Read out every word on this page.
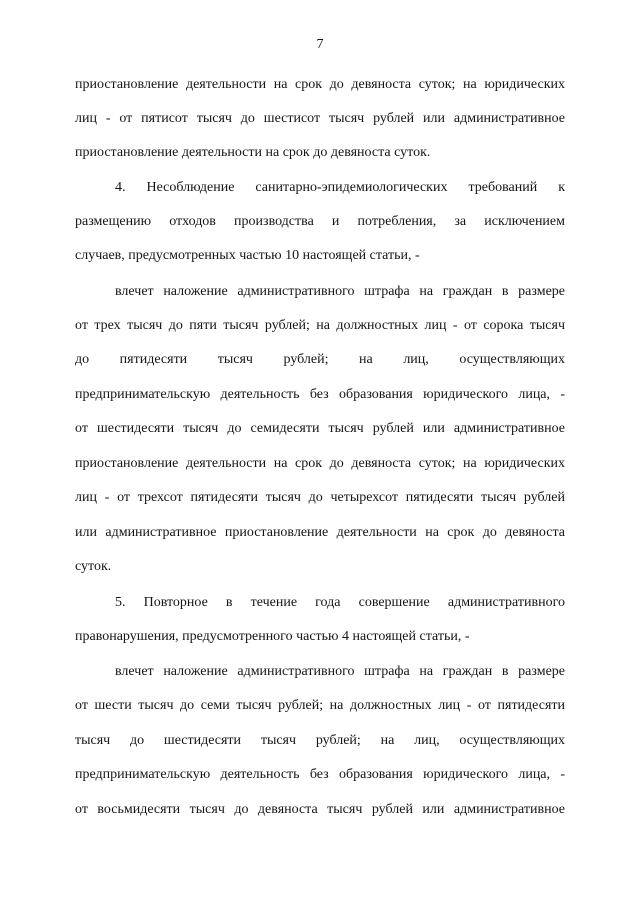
7
приостановление деятельности на срок до девяноста суток; на юридических
лиц - от пятисот тысяч до шестисот тысяч рублей или административное
приостановление деятельности на срок до девяноста суток.
4. Несоблюдение санитарно-эпидемиологических требований к
размещению отходов производства и потребления, за исключением
случаев, предусмотренных частью 10 настоящей статьи, -
влечет наложение административного штрафа на граждан в размере
от трех тысяч до пяти тысяч рублей; на должностных лиц - от сорока тысяч
до пятидесяти тысяч рублей; на лиц, осуществляющих
предпринимательскую деятельность без образования юридического лица, -
от шестидесяти тысяч до семидесяти тысяч рублей или административное
приостановление деятельности на срок до девяноста суток; на юридических
лиц - от трехсот пятидесяти тысяч до четырехсот пятидесяти тысяч рублей
или административное приостановление деятельности на срок до девяноста
суток.
5. Повторное в течение года совершение административного
правонарушения, предусмотренного частью 4 настоящей статьи, -
влечет наложение административного штрафа на граждан в размере
от шести тысяч до семи тысяч рублей; на должностных лиц - от пятидесяти
тысяч до шестидесяти тысяч рублей; на лиц, осуществляющих
предпринимательскую деятельность без образования юридического лица, -
от восьмидесяти тысяч до девяноста тысяч рублей или административное
